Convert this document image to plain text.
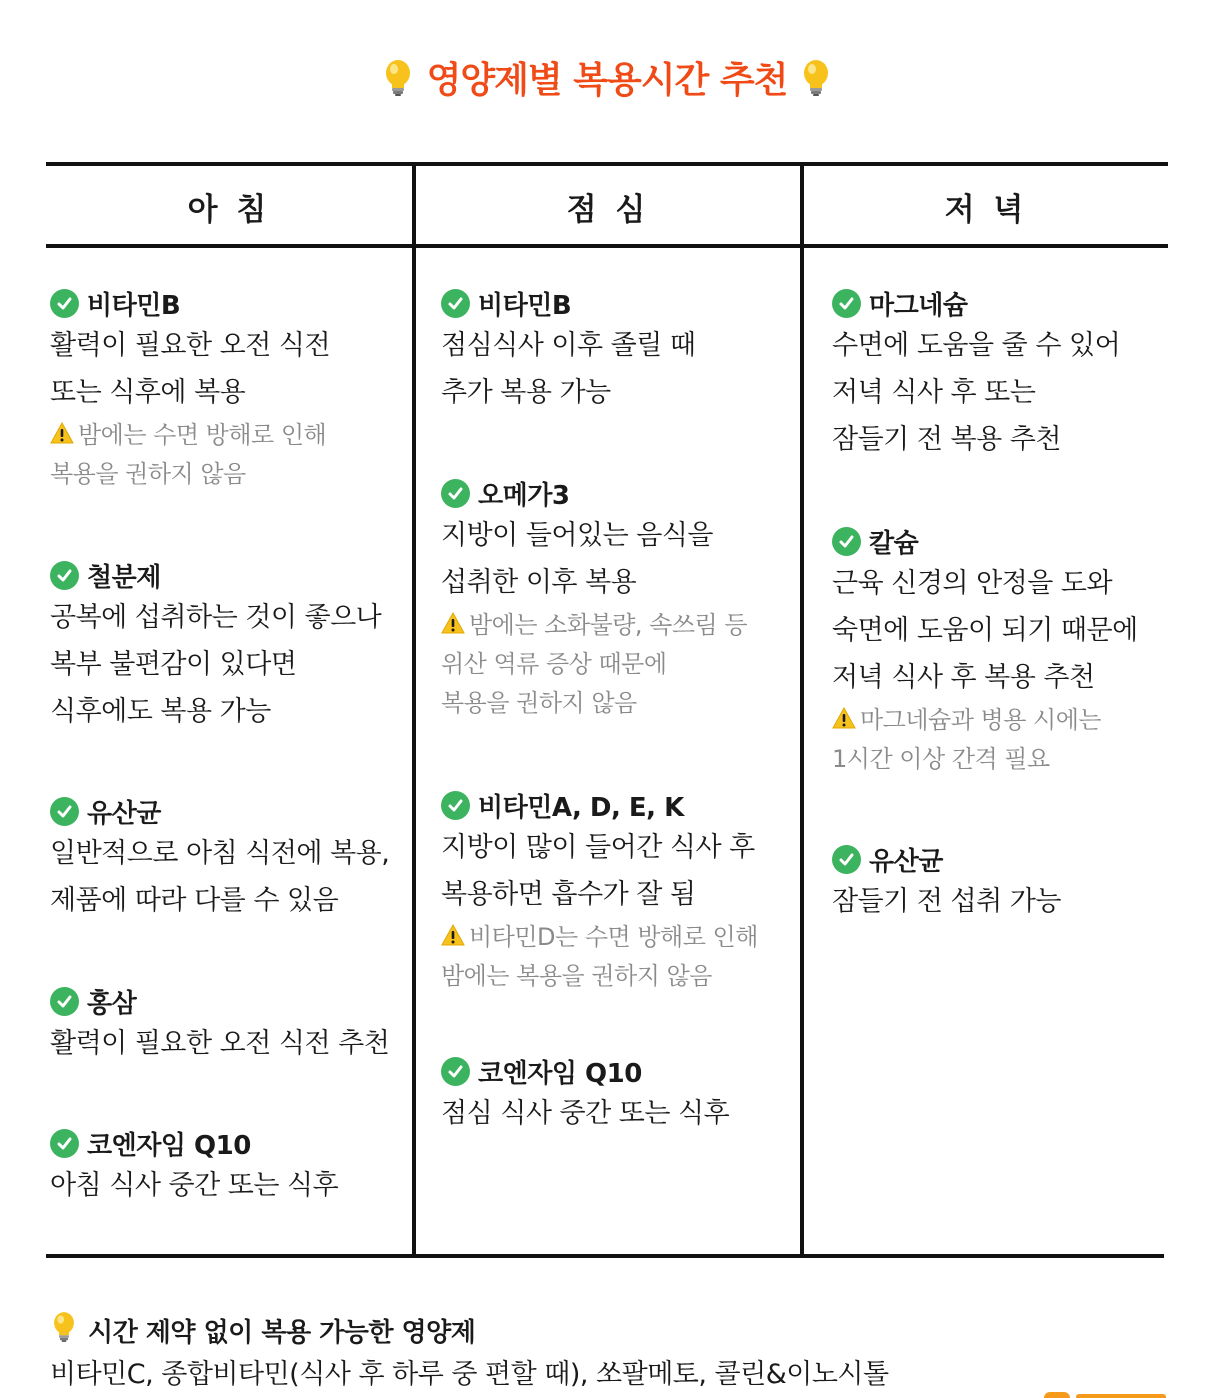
영양제별 복용시간 추천
아 침	점 심	저 녁
비타민B
활력이 필요한 오전 식전
또는 식후에 복용
밤에는 수면 방해로 인해
복용을 권하지 않음
철분제
공복에 섭취하는 것이 좋으나
복부 불편감이 있다면
식후에도 복용 가능
유산균
일반적으로 아침 식전에 복용,
제품에 따라 다를 수 있음
홍삼
활력이 필요한 오전 식전 추천
코엔자임 Q10
아침 식사 중간 또는 식후
비타민B
점심식사 이후 졸릴 때
추가 복용 가능
오메가3
지방이 들어있는 음식을
섭취한 이후 복용
밤에는 소화불량, 속쓰림 등
위산 역류 증상 때문에
복용을 권하지 않음
비타민A, D, E, K
지방이 많이 들어간 식사 후
복용하면 흡수가 잘 됨
비타민D는 수면 방해로 인해
밤에는 복용을 권하지 않음
코엔자임 Q10
점심 식사 중간 또는 식후
마그네슘
수면에 도움을 줄 수 있어
저녁 식사 후 또는
잠들기 전 복용 추천
칼슘
근육 신경의 안정을 도와
숙면에 도움이 되기 때문에
저녁 식사 후 복용 추천
마그네슘과 병용 시에는
1시간 이상 간격 필요
유산균
잠들기 전 섭취 가능
시간 제약 없이 복용 가능한 영양제
비타민C, 종합비타민(식사 후 하루 중 편할 때), 쏘팔메토, 콜린&이노시톨
